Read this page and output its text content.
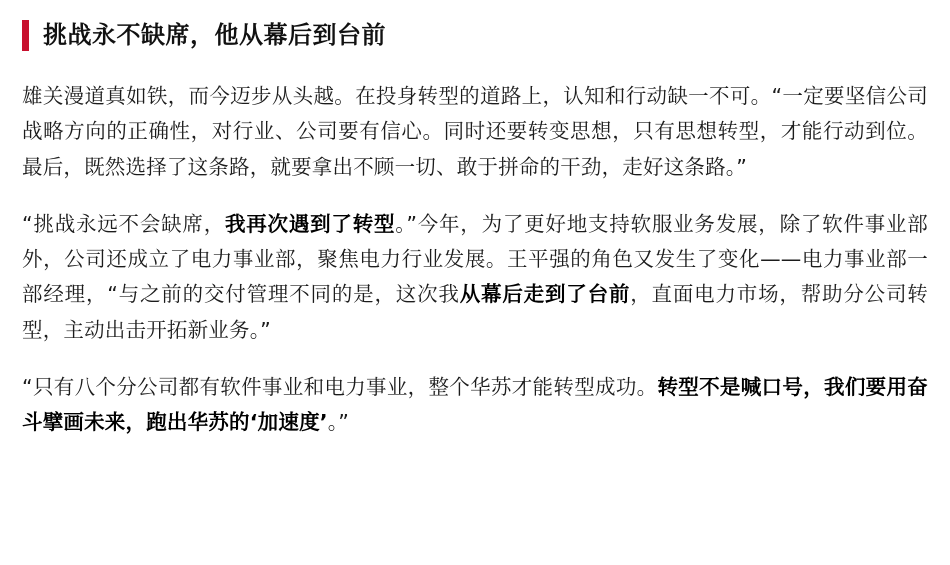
挑战永不缺席，他从幕后到台前

雄关漫道真如铁，而今迈步从头越。在投身转型的道路上，认知和行动缺一不可。“一定要坚信公司战略方向的正确性，对行业、公司要有信心。同时还要转变思想，只有思想转型，才能行动到位。最后，既然选择了这条路，就要拿出不顾一切、敢于拼命的干劲，走好这条路。”

“挑战永远不会缺席，我再次遇到了转型。”今年，为了更好地支持软服业务发展，除了软件事业部外，公司还成立了电力事业部，聚焦电力行业发展。王平强的角色又发生了变化——电力事业部一部经理，“与之前的交付管理不同的是，这次我从幕后走到了台前，直面电力市场，帮助分公司转型，主动出击开拓新业务。”

“只有八个分公司都有软件事业和电力事业，整个华苏才能转型成功。转型不是喊口号，我们要用奋斗擘画未来，跑出华苏的‘加速度’。”
